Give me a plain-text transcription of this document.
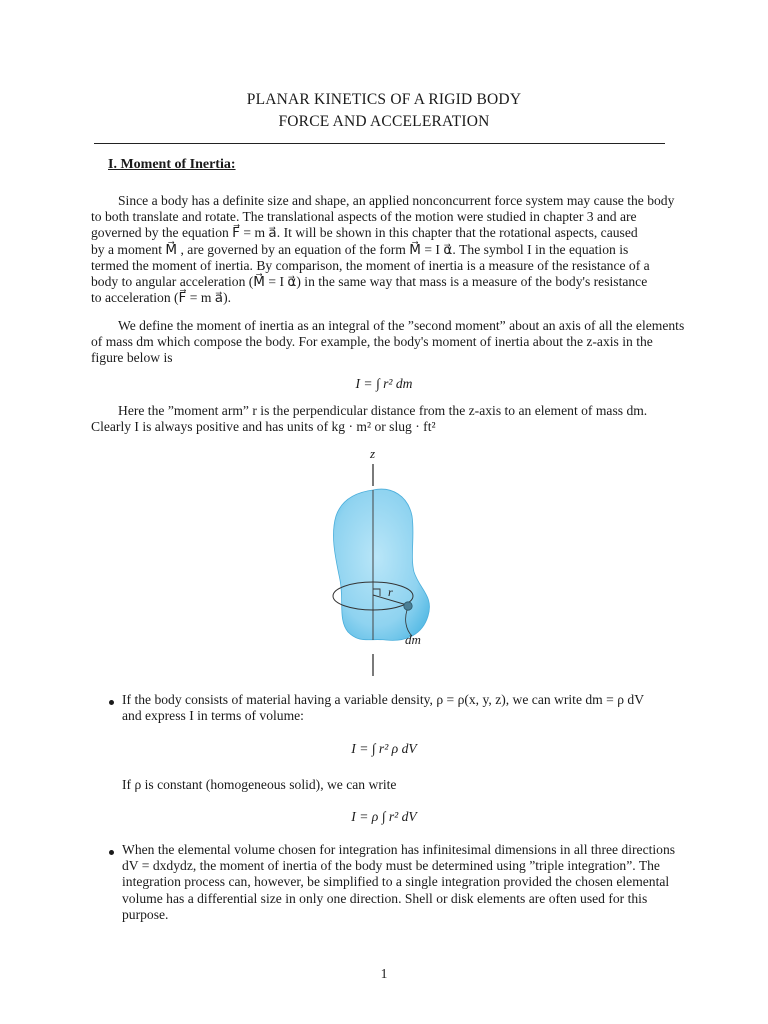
PLANAR KINETICS OF A RIGID BODY
FORCE AND ACCELERATION
I. Moment of Inertia:
Since a body has a definite size and shape, an applied nonconcurrent force system may cause the body
to both translate and rotate. The translational aspects of the motion were studied in chapter 3 and are
governed by the equation F⃗ = m a⃗. It will be shown in this chapter that the rotational aspects, caused
by a moment M⃗ , are governed by an equation of the form M⃗ = I α⃗. The symbol I in the equation is
termed the moment of inertia. By comparison, the moment of inertia is a measure of the resistance of a
body to angular acceleration (M⃗ = I α⃗) in the same way that mass is a measure of the body's resistance
to acceleration (F⃗ = m a⃗).
We define the moment of inertia as an integral of the ”second moment” about an axis of all the elements
of mass dm which compose the body. For example, the body's moment of inertia about the z-axis in the
figure below is
I = ∫ r² dm
Here the ”moment arm” r is the perpendicular distance from the z-axis to an element of mass dm.
Clearly I is always positive and has units of kg · m² or slug · ft²
z
r
dm
If the body consists of material having a variable density, ρ = ρ(x, y, z), we can write dm = ρ dV
and express I in terms of volume:
I = ∫ r² ρ dV
If ρ is constant (homogeneous solid), we can write
I = ρ ∫ r² dV
When the elemental volume chosen for integration has infinitesimal dimensions in all three directions
dV = dxdydz, the moment of inertia of the body must be determined using ”triple integration”. The
integration process can, however, be simplified to a single integration provided the chosen elemental
volume has a differential size in only one direction. Shell or disk elements are often used for this
purpose.
1
